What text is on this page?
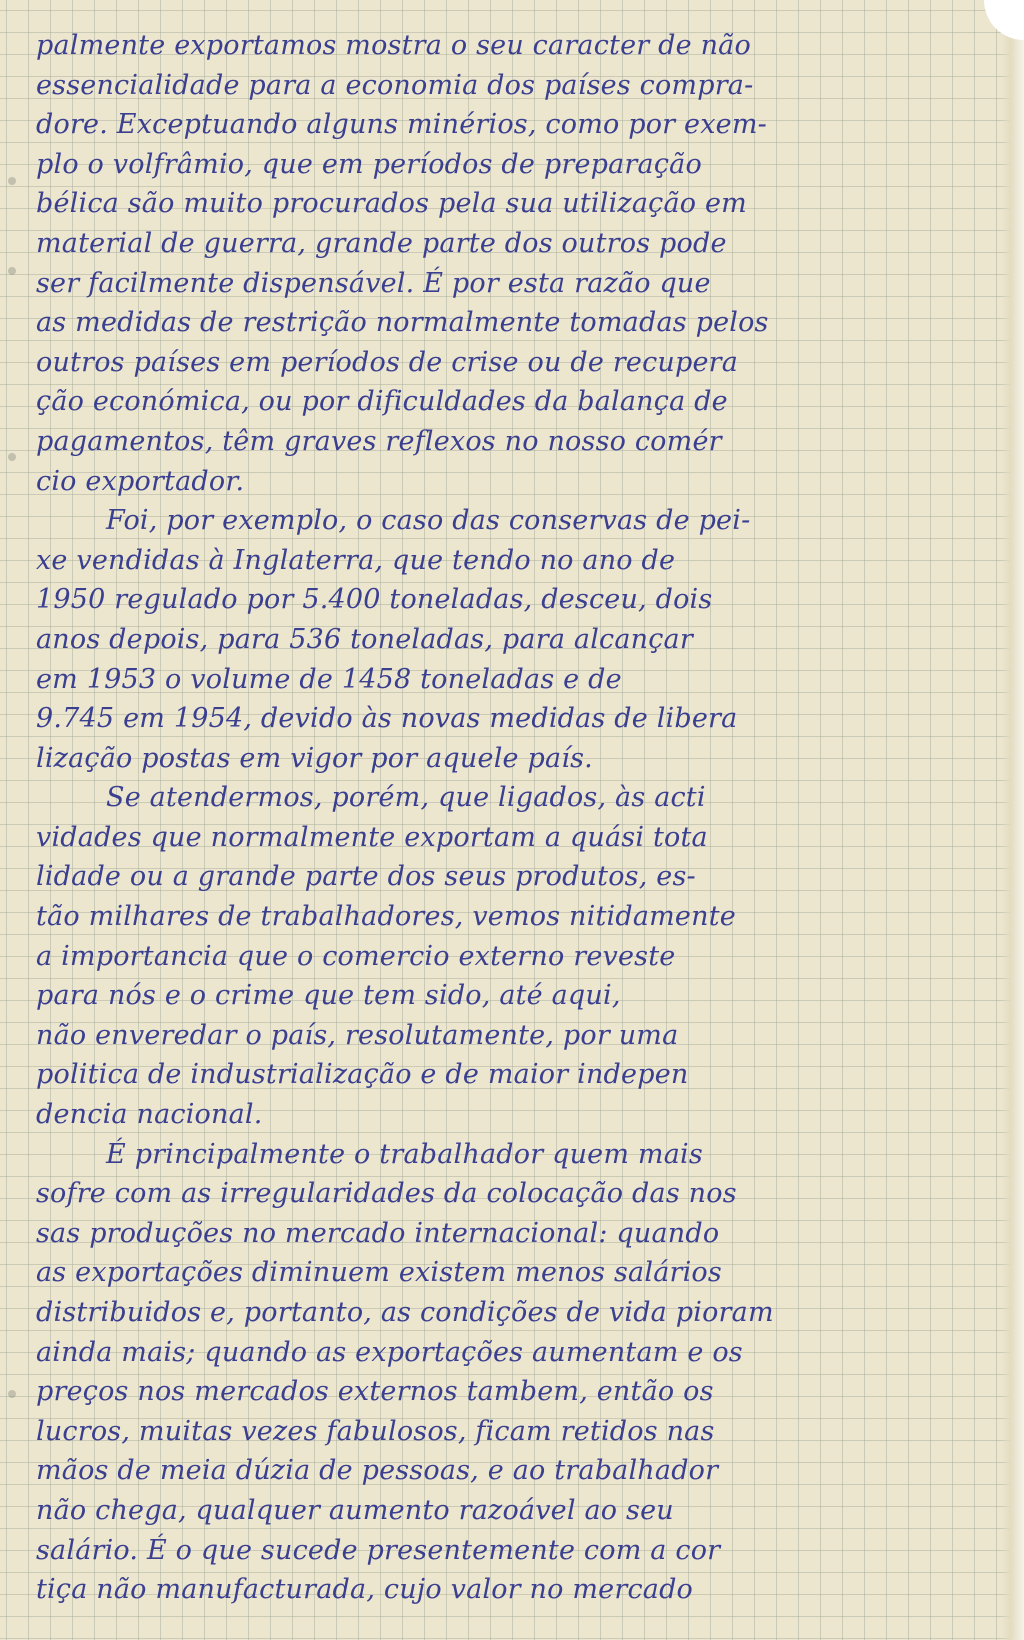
palmente exportamos mostra o seu caracter de não
essencialidade para a economia dos países compra-
dore. Exceptuando alguns minérios, como por exem-
plo o volfrâmio, que em períodos de preparação
bélica são muito procurados pela sua utilização em
material de guerra, grande parte dos outros pode
ser facilmente dispensável. É por esta razão que
as medidas de restrição normalmente tomadas pelos
outros países em períodos de crise ou de recupera
ção económica, ou por dificuldades da balança de
pagamentos, têm graves reflexos no nosso comér
cio exportador.
Foi, por exemplo, o caso das conservas de pei-
xe vendidas à Inglaterra, que tendo no ano de
1950 regulado por 5.400 toneladas, desceu, dois
anos depois, para 536 toneladas, para alcançar
em 1953 o volume de 1458 toneladas e de
9.745 em 1954, devido às novas medidas de libera
lização postas em vigor por aquele país.
Se atendermos, porém, que ligados, às acti
vidades que normalmente exportam a quási tota
lidade ou a grande parte dos seus produtos, es-
tão milhares de trabalhadores, vemos nitidamente
a importancia que o comercio externo reveste
para nós e o crime que tem sido, até aqui,
não enveredar o país, resolutamente, por uma
politica de industrialização e de maior indepen
dencia nacional.
É principalmente o trabalhador quem mais
sofre com as irregularidades da colocação das nos
sas produções no mercado internacional: quando
as exportações diminuem existem menos salários
distribuidos e, portanto, as condições de vida pioram
ainda mais; quando as exportações aumentam e os
preços nos mercados externos tambem, então os
lucros, muitas vezes fabulosos, ficam retidos nas
mãos de meia dúzia de pessoas, e ao trabalhador
não chega, qualquer aumento razoável ao seu
salário. É o que sucede presentemente com a cor
tiça não manufacturada, cujo valor no mercado
